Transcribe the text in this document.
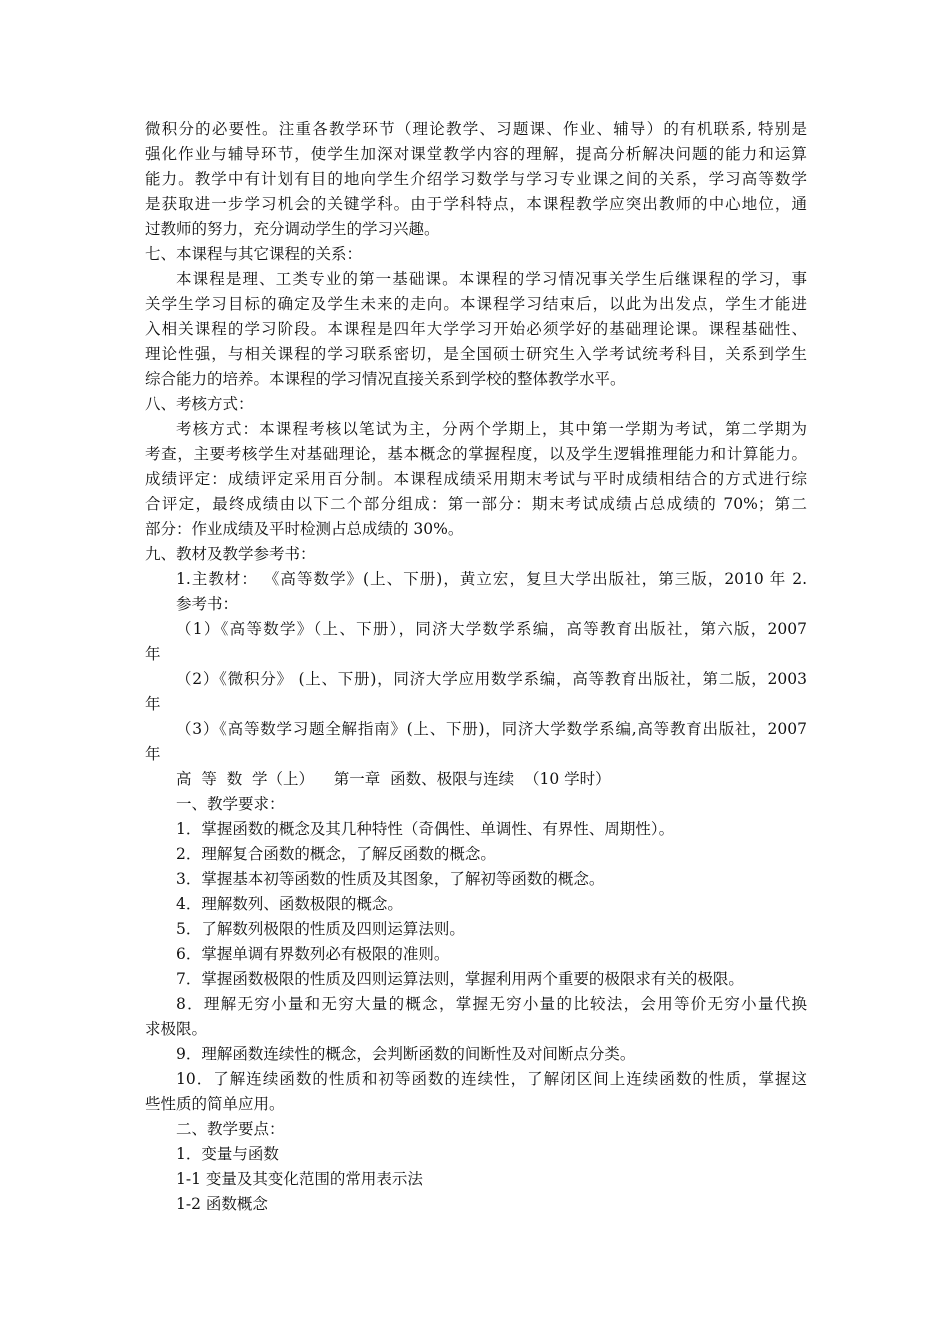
微积分的必要性。注重各教学环节（理论教学、习题课、作业、辅导）的有机联系, 特别是
强化作业与辅导环节，使学生加深对课堂教学内容的理解，提高分析解决问题的能力和运算
能力。教学中有计划有目的地向学生介绍学习数学与学习专业课之间的关系，学习高等数学
是获取进一步学习机会的关键学科。由于学科特点，本课程教学应突出教师的中心地位，通
过教师的努力，充分调动学生的学习兴趣。
七、本课程与其它课程的关系：
本课程是理、工类专业的第一基础课。本课程的学习情况事关学生后继课程的学习，事
关学生学习目标的确定及学生未来的走向。本课程学习结束后，以此为出发点，学生才能进
入相关课程的学习阶段。本课程是四年大学学习开始必须学好的基础理论课。课程基础性、
理论性强，与相关课程的学习联系密切，是全国硕士研究生入学考试统考科目，关系到学生
综合能力的培养。本课程的学习情况直接关系到学校的整体教学水平。
八、考核方式：
考核方式：本课程考核以笔试为主，分两个学期上，其中第一学期为考试，第二学期为
考查，主要考核学生对基础理论，基本概念的掌握程度，以及学生逻辑推理能力和计算能力。
成绩评定：成绩评定采用百分制。本课程成绩采用期末考试与平时成绩相结合的方式进行综
合评定，最终成绩由以下二个部分组成：第一部分：期末考试成绩占总成绩的 70%；第二
部分：作业成绩及平时检测占总成绩的 30%。
九、教材及教学参考书：
1.主教材： 《高等数学》(上、下册)，黄立宏，复旦大学出版社，第三版，2010 年 2.
参考书：
（1）《高等数学》（上、下册），同济大学数学系编，高等教育出版社，第六版，2007
年
（2）《微积分》 (上、下册)，同济大学应用数学系编，高等教育出版社，第二版，2003
年
（3）《高等数学习题全解指南》(上、下册)，同济大学数学系编,高等教育出版社，2007
年
高  等  数  学（上）    第一章  函数、极限与连续  （10 学时）
一、教学要求：
1．掌握函数的概念及其几种特性（奇偶性、单调性、有界性、周期性）。
2．理解复合函数的概念，了解反函数的概念。
3．掌握基本初等函数的性质及其图象，了解初等函数的概念。
4．理解数列、函数极限的概念。
5．了解数列极限的性质及四则运算法则。
6．掌握单调有界数列必有极限的准则。
7．掌握函数极限的性质及四则运算法则，掌握利用两个重要的极限求有关的极限。
8．理解无穷小量和无穷大量的概念，掌握无穷小量的比较法，会用等价无穷小量代换
求极限。
9．理解函数连续性的概念，会判断函数的间断性及对间断点分类。
10．了解连续函数的性质和初等函数的连续性，了解闭区间上连续函数的性质，掌握这
些性质的简单应用。
二、教学要点：
1．变量与函数
1-1 变量及其变化范围的常用表示法
1-2 函数概念
